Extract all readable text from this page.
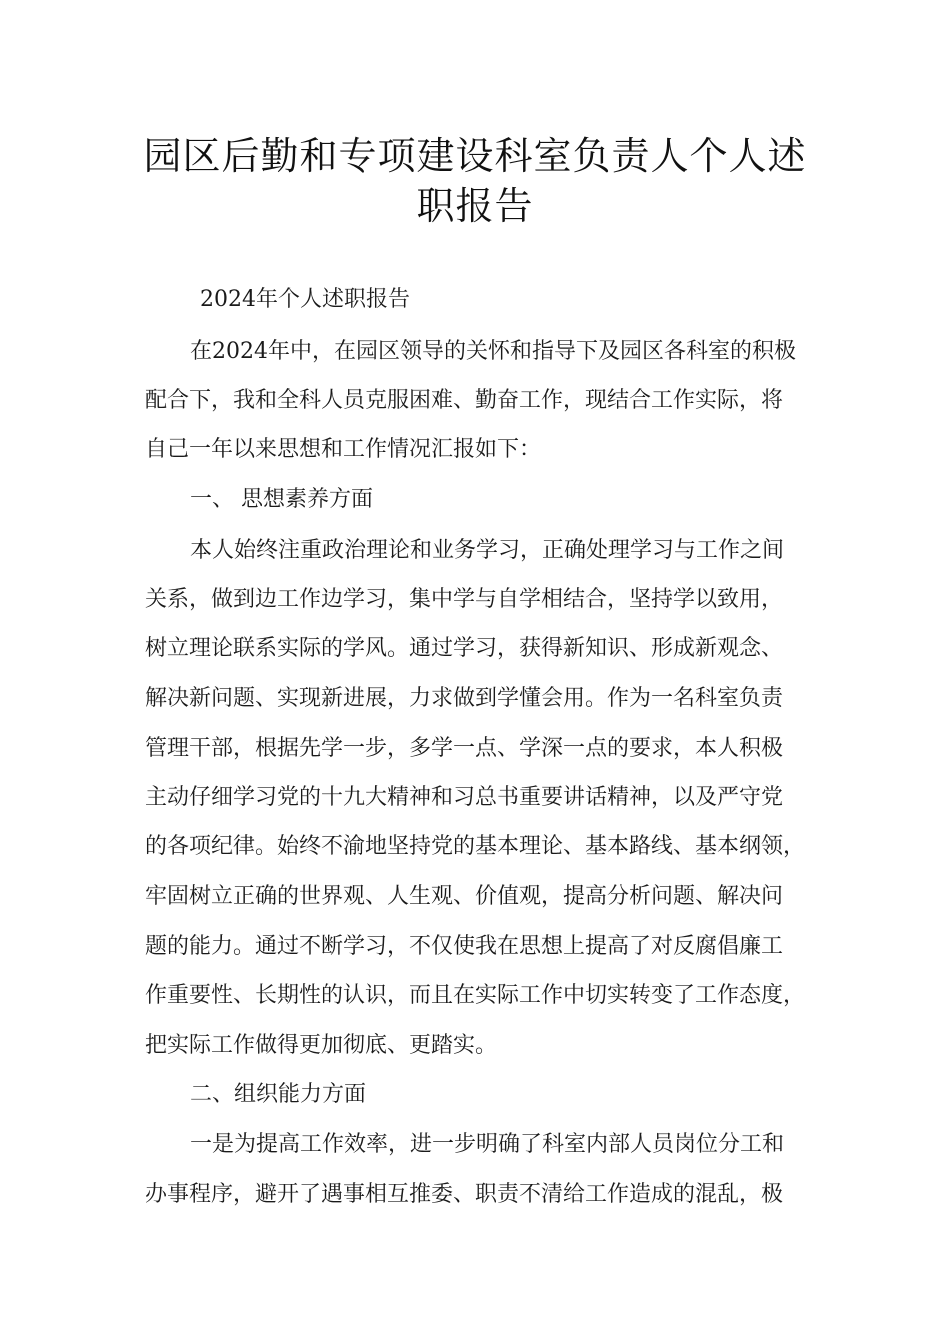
园区后勤和专项建设科室负责人个人述
职报告
2024年个人述职报告
在2024年中，在园区领导的关怀和指导下及园区各科室的积极
配合下，我和全科人员克服困难、勤奋工作，现结合工作实际，将
自己一年以来思想和工作情况汇报如下：
一、 思想素养方面
本人始终注重政治理论和业务学习，正确处理学习与工作之间
关系，做到边工作边学习，集中学与自学相结合，坚持学以致用，
树立理论联系实际的学风。通过学习，获得新知识、形成新观念、
解决新问题、实现新进展，力求做到学懂会用。作为一名科室负责
管理干部，根据先学一步，多学一点、学深一点的要求，本人积极
主动仔细学习党的十九大精神和习总书重要讲话精神，以及严守党
的各项纪律。始终不渝地坚持党的基本理论、基本路线、基本纲领，
牢固树立正确的世界观、人生观、价值观，提高分析问题、解决问
题的能力。通过不断学习，不仅使我在思想上提高了对反腐倡廉工
作重要性、长期性的认识，而且在实际工作中切实转变了工作态度，
把实际工作做得更加彻底、更踏实。
二、组织能力方面
一是为提高工作效率，进一步明确了科室内部人员岗位分工和
办事程序，避开了遇事相互推委、职责不清给工作造成的混乱，极
